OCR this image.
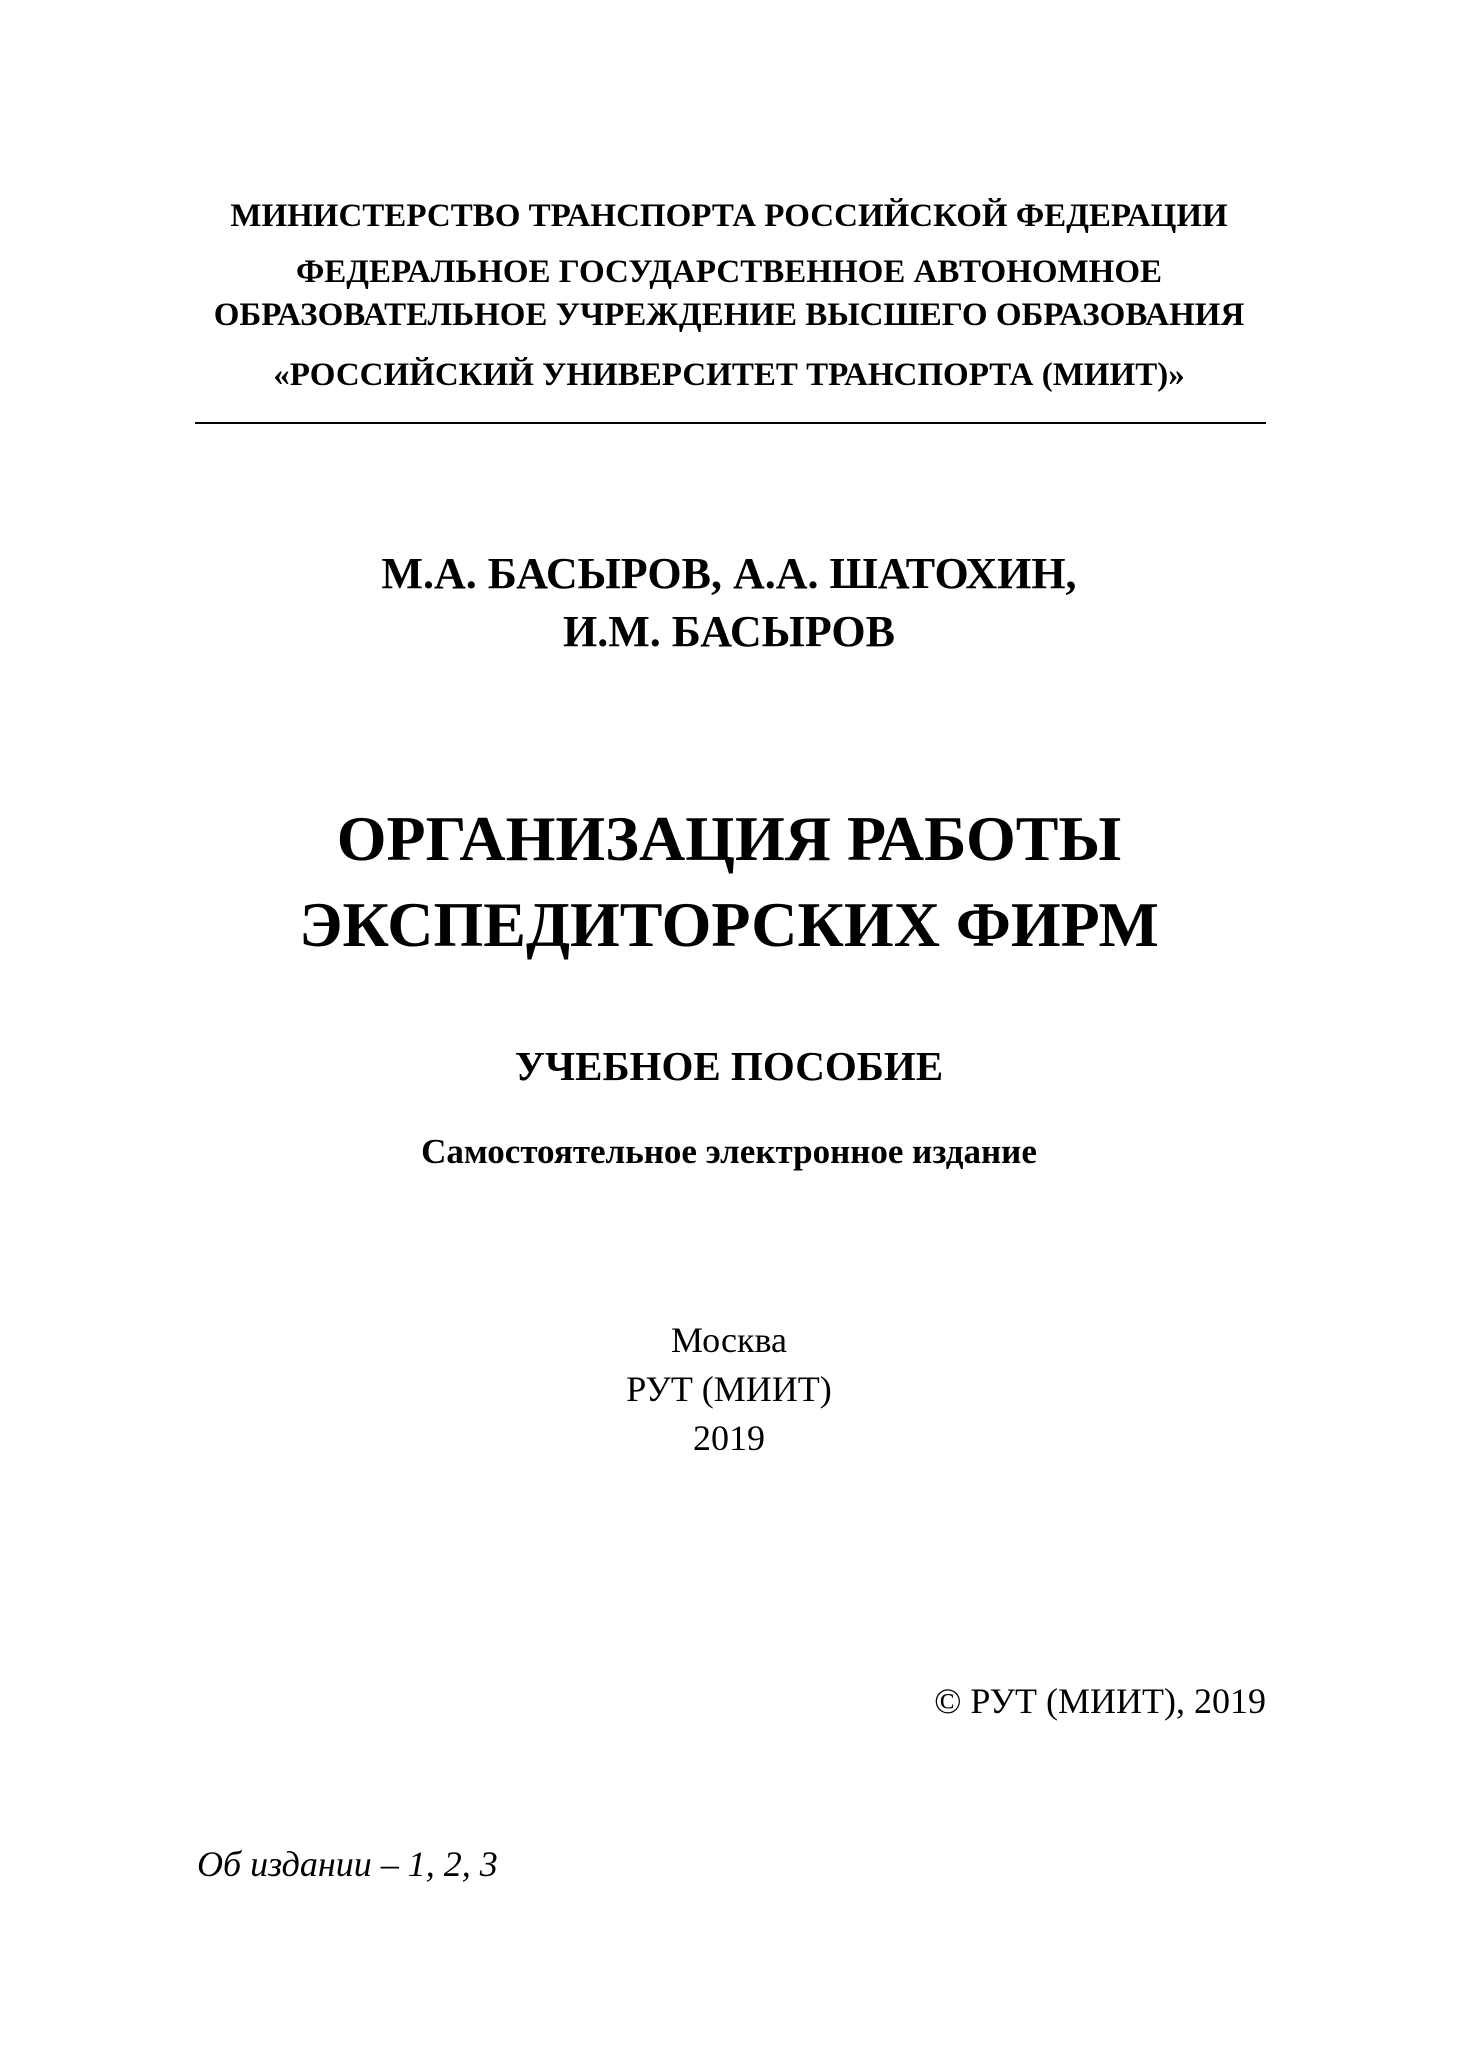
МИНИСТЕРСТВО ТРАНСПОРТА РОССИЙСКОЙ ФЕДЕРАЦИИ
ФЕДЕРАЛЬНОЕ ГОСУДАРСТВЕННОЕ АВТОНОМНОЕ
ОБРАЗОВАТЕЛЬНОЕ УЧРЕЖДЕНИЕ ВЫСШЕГО ОБРАЗОВАНИЯ
«РОССИЙСКИЙ УНИВЕРСИТЕТ ТРАНСПОРТА (МИИТ)»
М.А. БАСЫРОВ, А.А. ШАТОХИН,
И.М. БАСЫРОВ
ОРГАНИЗАЦИЯ РАБОТЫ
ЭКСПЕДИТОРСКИХ ФИРМ
УЧЕБНОЕ ПОСОБИЕ
Самостоятельное электронное издание
Москва
РУТ (МИИТ)
2019
© РУТ (МИИТ), 2019
Об издании – 1, 2, 3
